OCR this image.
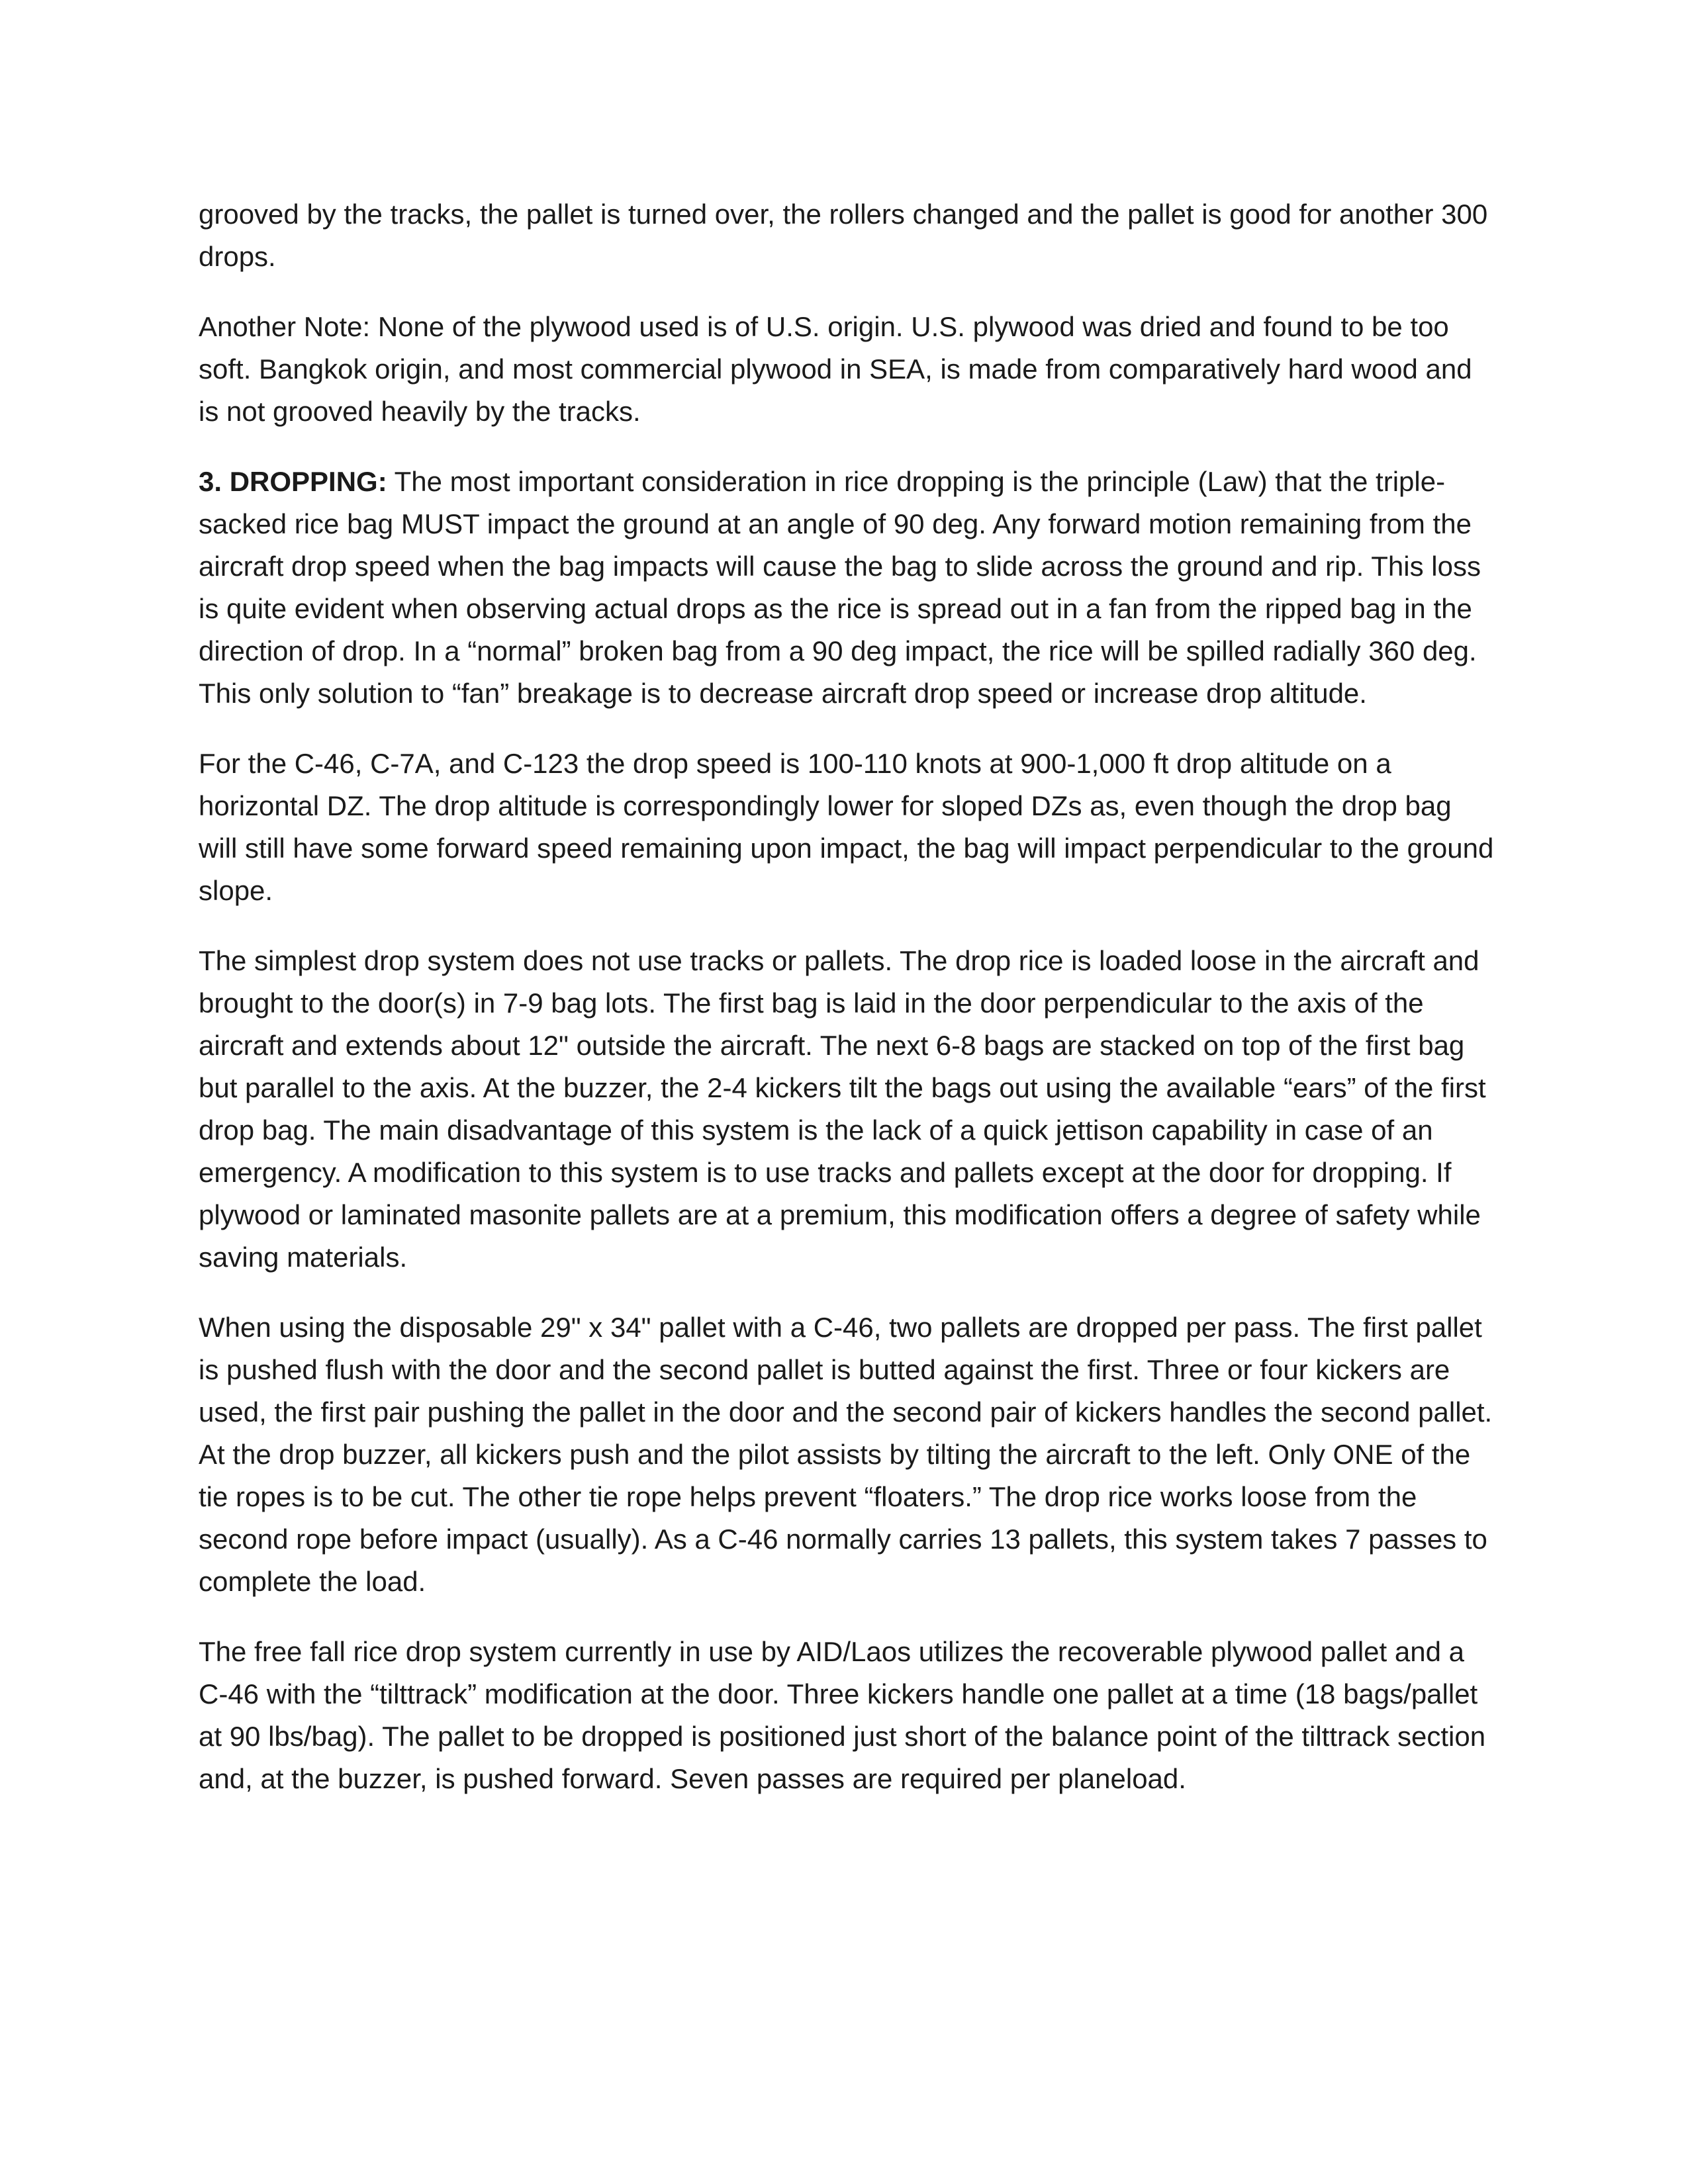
grooved by the tracks, the pallet is turned over, the rollers changed and the pallet is good for another 300 drops.

Another Note: None of the plywood used is of U.S. origin. U.S. plywood was dried and found to be too soft. Bangkok origin, and most commercial plywood in SEA, is made from comparatively hard wood and is not grooved heavily by the tracks.

3. DROPPING: The most important consideration in rice dropping is the principle (Law) that the triple-sacked rice bag MUST impact the ground at an angle of 90 deg. Any forward motion remaining from the aircraft drop speed when the bag impacts will cause the bag to slide across the ground and rip. This loss is quite evident when observing actual drops as the rice is spread out in a fan from the ripped bag in the direction of drop. In a “normal” broken bag from a 90 deg impact, the rice will be spilled radially 360 deg. This only solution to “fan” breakage is to decrease aircraft drop speed or increase drop altitude.

For the C-46, C-7A, and C-123 the drop speed is 100-110 knots at 900-1,000 ft drop altitude on a horizontal DZ. The drop altitude is correspondingly lower for sloped DZs as, even though the drop bag will still have some forward speed remaining upon impact, the bag will impact perpendicular to the ground slope.

The simplest drop system does not use tracks or pallets. The drop rice is loaded loose in the aircraft and brought to the door(s) in 7-9 bag lots. The first bag is laid in the door perpendicular to the axis of the aircraft and extends about 12" outside the aircraft. The next 6-8 bags are stacked on top of the first bag but parallel to the axis. At the buzzer, the 2-4 kickers tilt the bags out using the available “ears” of the first drop bag. The main disadvantage of this system is the lack of a quick jettison capability in case of an emergency. A modification to this system is to use tracks and pallets except at the door for dropping. If plywood or laminated masonite pallets are at a premium, this modification offers a degree of safety while saving materials.

When using the disposable 29" x 34" pallet with a C-46, two pallets are dropped per pass. The first pallet is pushed flush with the door and the second pallet is butted against the first. Three or four kickers are used, the first pair pushing the pallet in the door and the second pair of kickers handles the second pallet. At the drop buzzer, all kickers push and the pilot assists by tilting the aircraft to the left. Only ONE of the tie ropes is to be cut. The other tie rope helps prevent “floaters.” The drop rice works loose from the second rope before impact (usually). As a C-46 normally carries 13 pallets, this system takes 7 passes to complete the load.

The free fall rice drop system currently in use by AID/Laos utilizes the recoverable plywood pallet and a C-46 with the “tilttrack” modification at the door. Three kickers handle one pallet at a time (18 bags/pallet at 90 lbs/bag). The pallet to be dropped is positioned just short of the balance point of the tilttrack section and, at the buzzer, is pushed forward. Seven passes are required per planeload.
